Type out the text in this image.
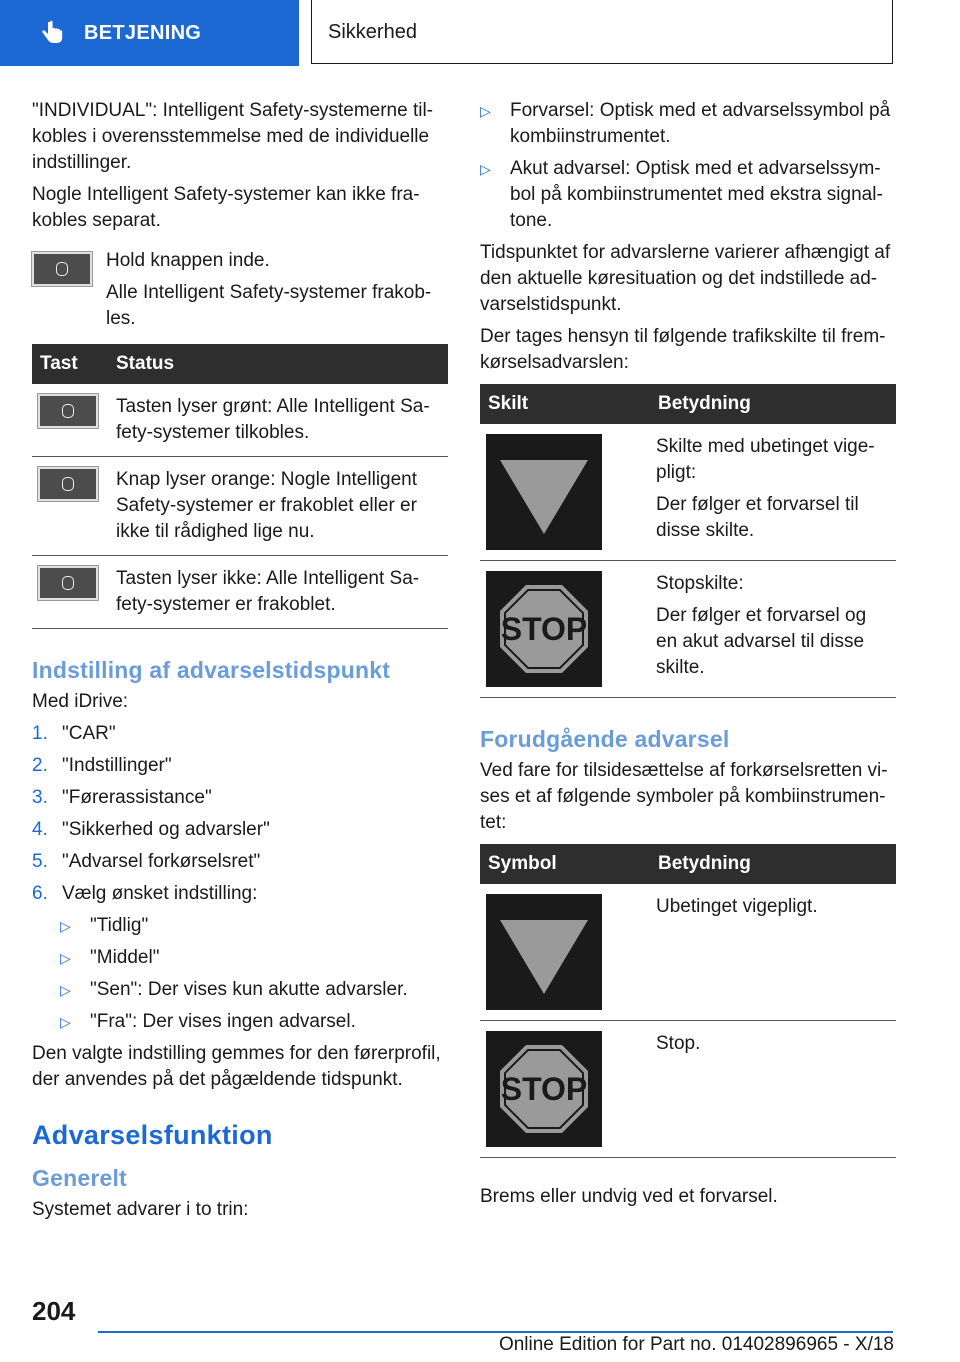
BETJENING	Sikkerhed

"INDIVIDUAL": Intelligent Safety-systemerne til-kobles i overensstemmelse med de individuelle indstillinger.

Nogle Intelligent Safety-systemer kan ikke fra-kobles separat.

Hold knappen inde.

Alle Intelligent Safety-systemer frakob-les.

Tast	Status

	Tasten lyser grønt: Alle Intelligent Sa-fety-systemer tilkobles.

	Knap lyser orange: Nogle Intelligent Safety-systemer er frakoblet eller er ikke til rådighed lige nu.

	Tasten lyser ikke: Alle Intelligent Sa-fety-systemer er frakoblet.
Indstilling af advarselstidspunkt

Med iDrive:

1. "CAR"
2. "Indstillinger"
3. "Førerassistance"
4. "Sikkerhed og advarsler"
5. "Advarsel forkørselsret"
6. Vælg ønsket indstilling:
▷ "Tidlig"
▷ "Middel"
▷ "Sen": Der vises kun akutte advarsler.
▷ "Fra": Der vises ingen advarsel.

Den valgte indstilling gemmes for den førerprofil, der anvendes på det pågældende tidspunkt.

Advarselsfunktion
Generelt

Systemet advarer i to trin:

▷ Forvarsel: Optisk med et advarselssymbol på kombiinstrumentet.
▷ Akut advarsel: Optisk med et advarselssym-bol på kombiinstrumentet med ekstra signal-tone.

Tidspunktet for advarslerne varierer afhængigt af den aktuelle køresituation og det indstillede ad-varselstidspunkt.

Der tages hensyn til følgende trafikskilte til frem-kørselsadvarslen:

Skilt	Betydning

Skilte med ubetinget vige-pligt:

Der følger et forvarsel til disse skilte.

STOP	Stopskilte:

Der følger et forvarsel og en akut advarsel til disse skilte.

Forudgående advarsel

Ved fare for tilsidesættelse af forkørselsretten vi-ses et af følgende symboler på kombiinstrumen-tet:

Symbol	Betydning

	Ubetinget vigepligt.

STOP	Stop.

Brems eller undvig ved et forvarsel.

204
Online Edition for Part no. 01402896965 - X/18
